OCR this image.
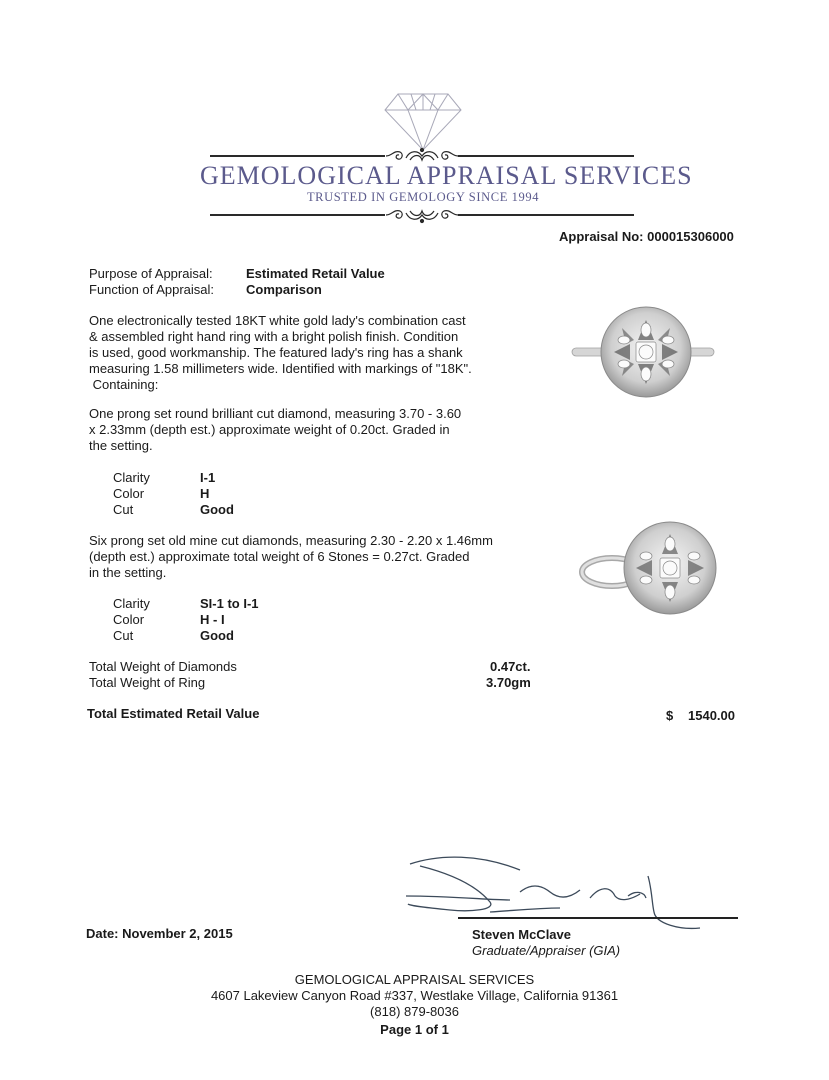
GEMOLOGICAL APPRAISAL SERVICES
TRUSTED IN GEMOLOGY SINCE 1994
Appraisal No: 000015306000
Purpose of Appraisal:	Estimated Retail Value
Function of Appraisal: Comparison
One electronically tested 18KT white gold lady's combination cast
& assembled right hand ring with a bright polish finish. Condition
is used, good workmanship. The featured lady's ring has a shank
measuring 1.58 millimeters wide. Identified with markings of "18K".
Containing:
One prong set round brilliant cut diamond, measuring 3.70 - 3.60
x 2.33mm (depth est.) approximate weight of 0.20ct. Graded in
the setting.
Clarity	I-1
Color	H
Cut	Good
Six prong set old mine cut diamonds, measuring 2.30 - 2.20 x 1.46mm
(depth est.) approximate total weight of 6 Stones = 0.27ct. Graded
in the setting.
Clarity	SI-1 to I-1
Color	H - I
Cut	Good
Total Weight of Diamonds	0.47ct.
Total Weight of Ring	3.70gm
Total Estimated Retail Value	$ 1540.00
Date: November 2, 2015	Steven McClave
Graduate/Appraiser (GIA)
GEMOLOGICAL APPRAISAL SERVICES
4607 Lakeview Canyon Road #337, Westlake Village, California 91361
(818) 879-8036
Page 1 of 1
